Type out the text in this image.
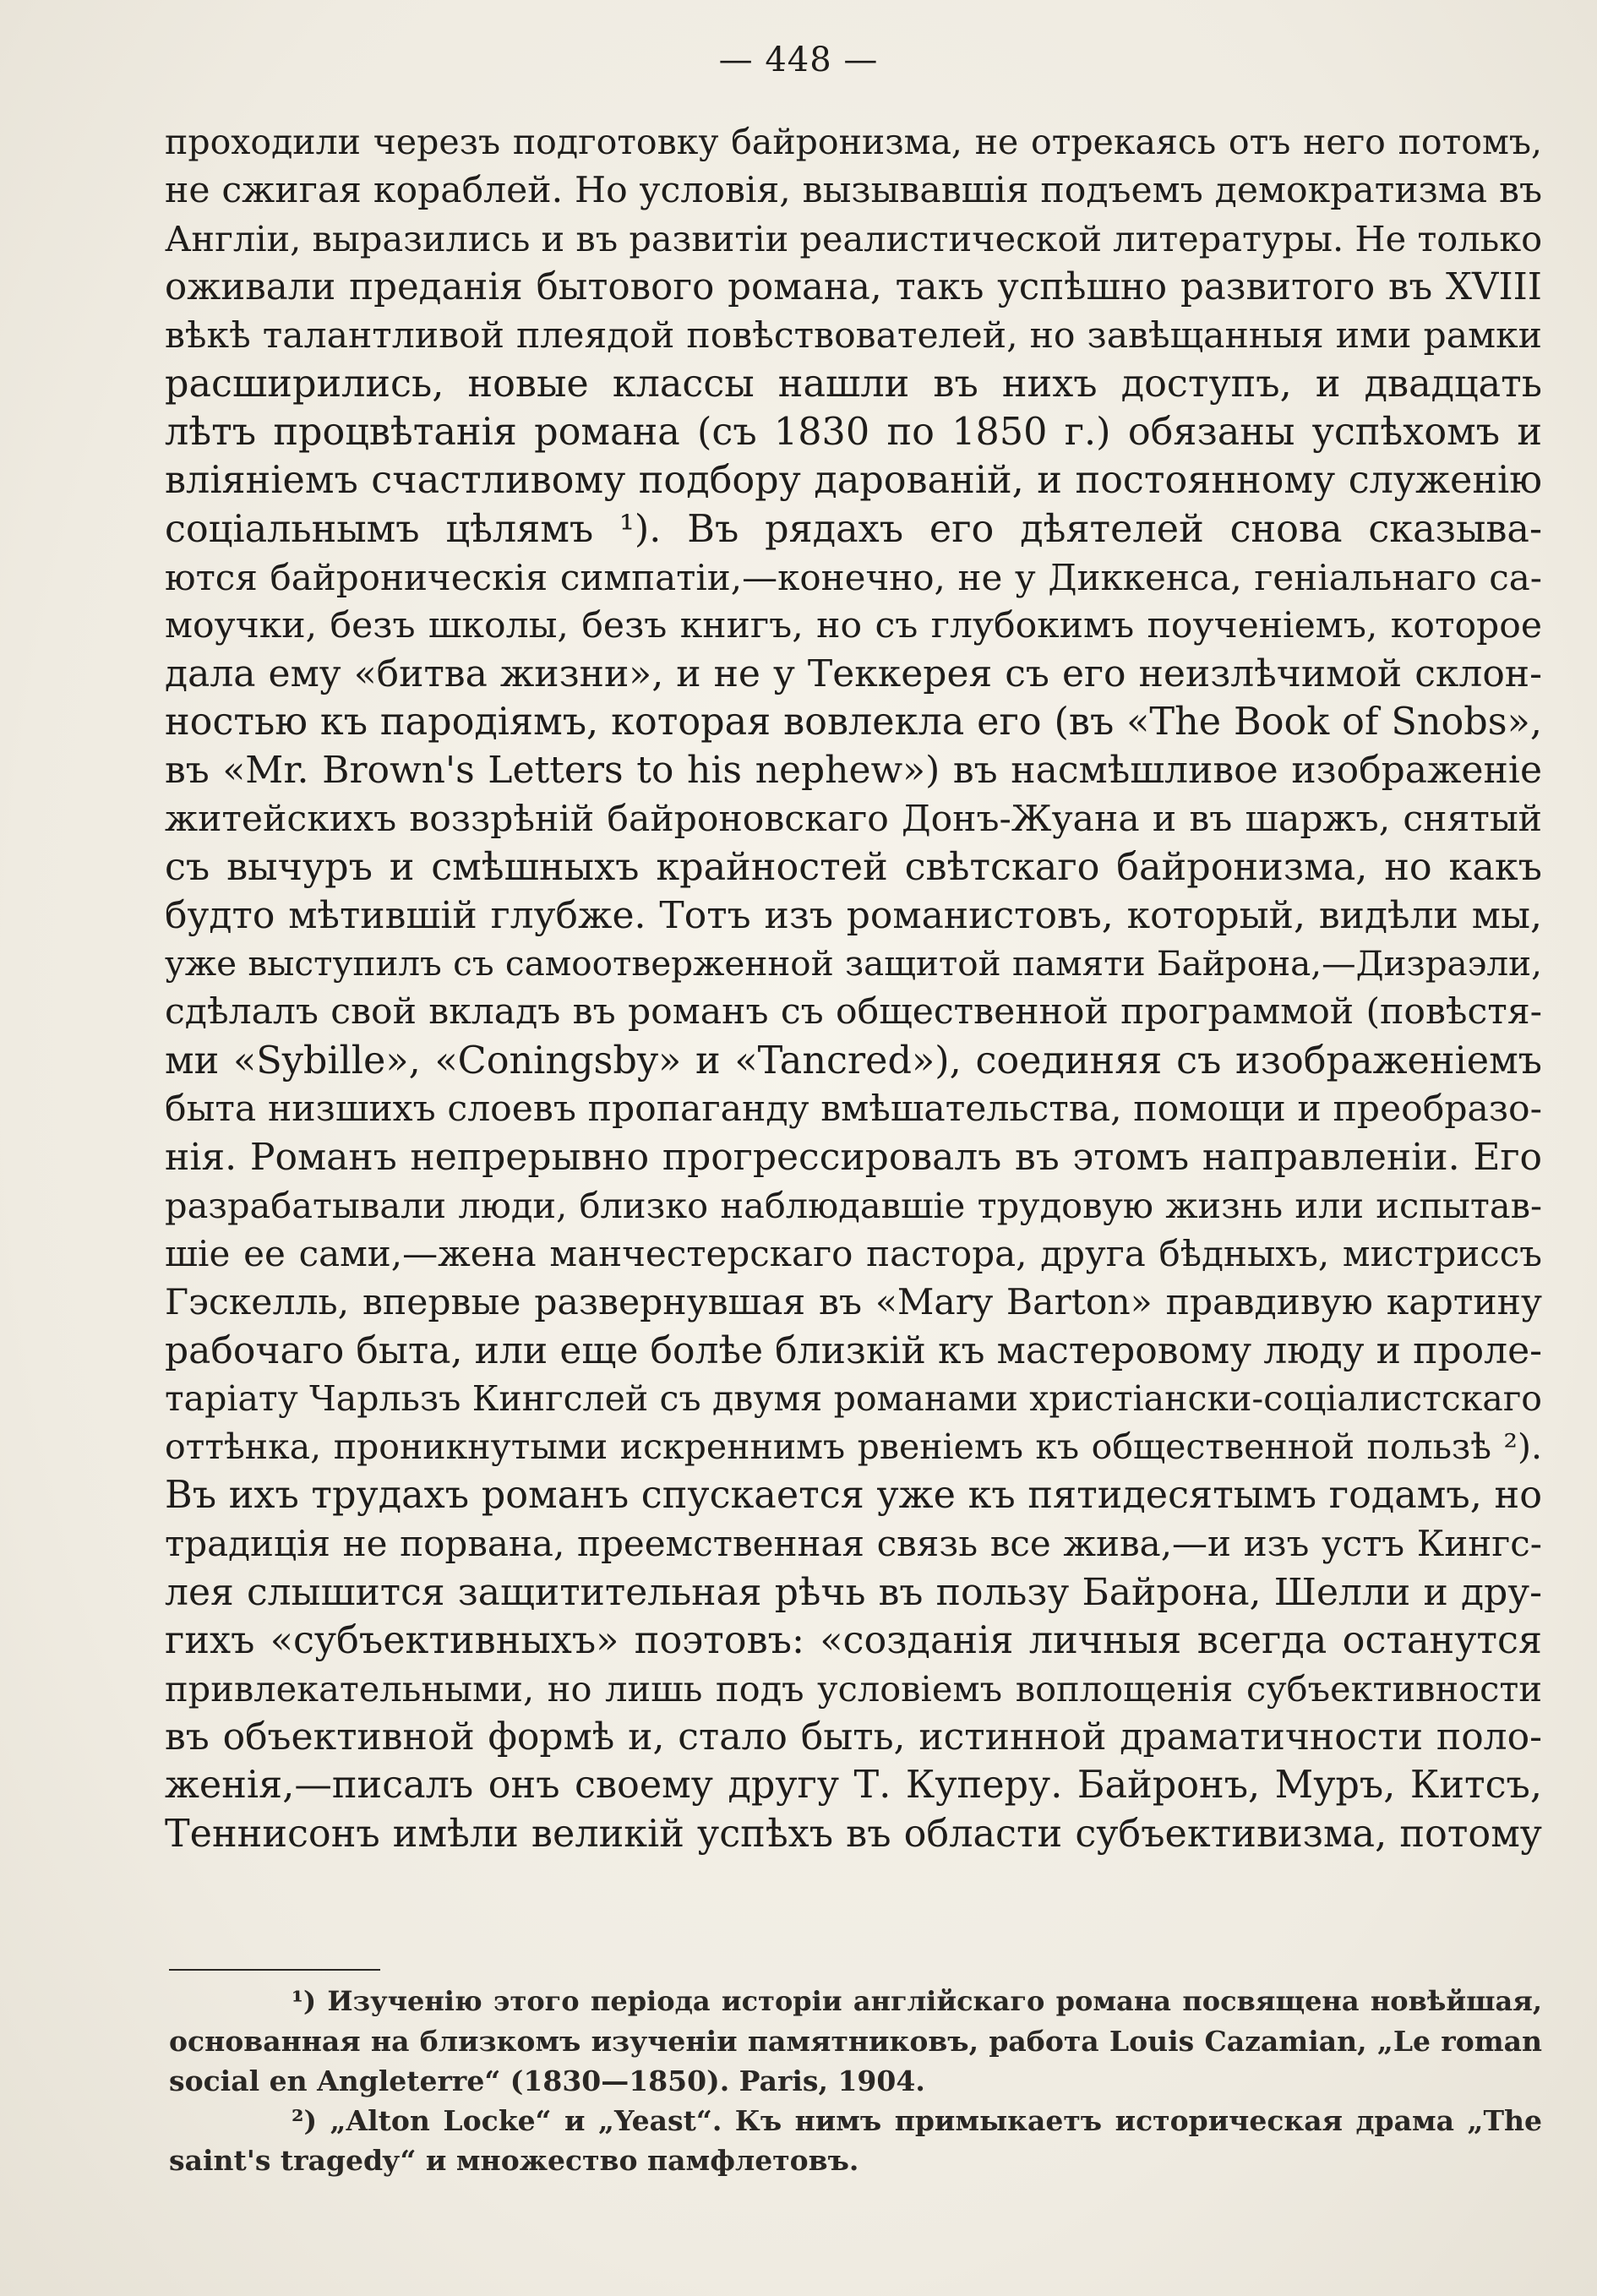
— 448 —
проходили черезъ подготовку байронизма, не отрекаясь отъ него потомъ,
не сжигая кораблей. Но условія, вызывавшія подъемъ демократизма въ
Англіи, выразились и въ развитіи реалистической литературы. Не только
оживали преданія бытового романа, такъ успѣшно развитого въ XVIII
вѣкѣ талантливой плеядой повѣствователей, но завѣщанныя ими рамки
расширились, новые классы нашли въ нихъ доступъ, и двадцать
лѣтъ процвѣтанія романа (съ 1830 по 1850 г.) обязаны успѣхомъ и
вліяніемъ счастливому подбору дарованій, и постоянному служенію
соціальнымъ цѣлямъ ¹). Въ рядахъ его дѣятелей снова сказыва-
ются байроническія симпатіи,—конечно, не у Диккенса, геніальнаго са-
моучки, безъ школы, безъ книгъ, но съ глубокимъ поученіемъ, которое
дала ему «битва жизни», и не у Теккерея съ его неизлѣчимой склон-
ностью къ пародіямъ, которая вовлекла его (въ «The Book of Snobs»,
въ «Mr. Brown's Letters to his nephew») въ насмѣшливое изображеніе
житейскихъ воззрѣній байроновскаго Донъ-Жуана и въ шаржъ, снятый
съ вычуръ и смѣшныхъ крайностей свѣтскаго байронизма, но какъ
будто мѣтившій глубже. Тотъ изъ романистовъ, который, видѣли мы,
уже выступилъ съ самоотверженной защитой памяти Байрона,—Дизраэли,
сдѣлалъ свой вкладъ въ романъ съ общественной программой (повѣстя-
ми «Sybille», «Coningsby» и «Tancred»), соединяя съ изображеніемъ
быта низшихъ слоевъ пропаганду вмѣшательства, помощи и преобразо-
нія. Романъ непрерывно прогрессировалъ въ этомъ направленіи. Его
разрабатывали люди, близко наблюдавшіе трудовую жизнь или испытав-
шіе ее сами,—жена манчестерскаго пастора, друга бѣдныхъ, мистриссъ
Гэскелль, впервые развернувшая въ «Mary Barton» правдивую картину
рабочаго быта, или еще болѣе близкій къ мастеровому люду и проле-
таріату Чарльзъ Кингслей съ двумя романами христіански-соціалистскаго
оттѣнка, проникнутыми искреннимъ рвеніемъ къ общественной пользѣ ²).
Въ ихъ трудахъ романъ спускается уже къ пятидесятымъ годамъ, но
традиція не порвана, преемственная связь все жива,—и изъ устъ Кингс-
лея слышится защитительная рѣчь въ пользу Байрона, Шелли и дру-
гихъ «субъективныхъ» поэтовъ: «созданія личныя всегда останутся
привлекательными, но лишь подъ условіемъ воплощенія субъективности
въ объективной формѣ и, стало быть, истинной драматичности поло-
женія,—писалъ онъ своему другу Т. Куперу. Байронъ, Муръ, Китсъ,
Теннисонъ имѣли великій успѣхъ въ области субъективизма, потому
¹) Изученію этого періода исторіи англійскаго романа посвящена новѣйшая,
основанная на близкомъ изученіи памятниковъ, работа Louis Cazamian, „Le roman
social en Angleterre“ (1830—1850). Paris, 1904.
²) „Alton Locke“ и „Yeast“. Къ нимъ примыкаетъ историческая драма „The
saint's tragedy“ и множество памфлетовъ.
